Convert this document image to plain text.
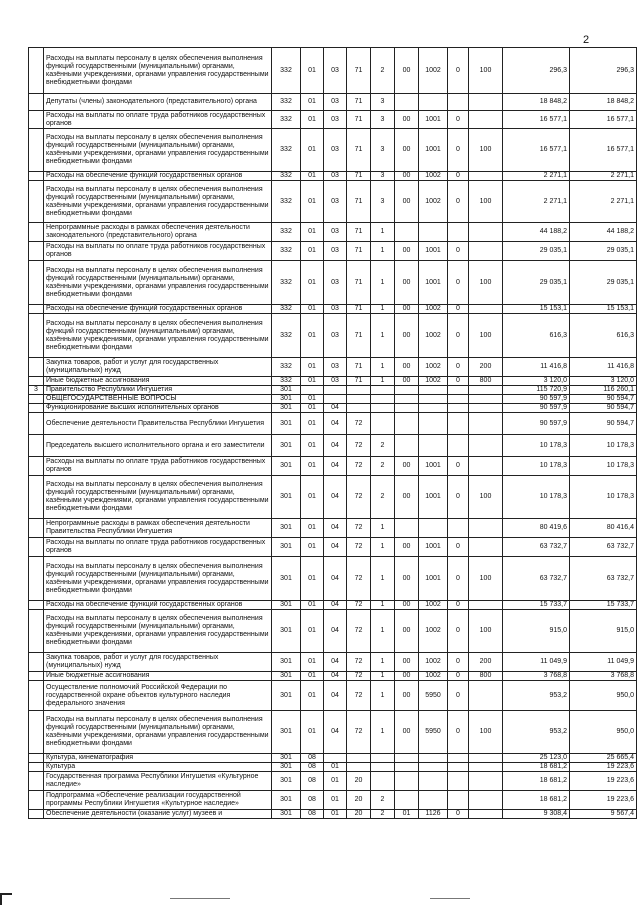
2
	Расходы на выплаты персоналу в целях обеспечения выполнения функций государственными (муниципальными) органами, казёнными учреждениями, органами управления государственными внебюджетными фондами	332	01	03	71	2	00	1002	0	100	296,3	296,3
	Депутаты (члены) законодательного (представительного) органа	332	01	03	71	3					18 848,2	18 848,2
	Расходы на выплаты по оплате труда работников государственных органов	332	01	03	71	3	00	1001	0		16 577,1	16 577,1
	Расходы на выплаты персоналу в целях обеспечения выполнения функций государственными (муниципальными) органами, казёнными учреждениями, органами управления государственными внебюджетными фондами	332	01	03	71	3	00	1001	0	100	16 577,1	16 577,1
	Расходы на обеспечение функций государственных органов	332	01	03	71	3	00	1002	0		2 271,1	2 271,1
	Расходы на выплаты персоналу в целях обеспечения выполнения функций государственными (муниципальными) органами, казёнными учреждениями, органами управления государственными внебюджетными фондами	332	01	03	71	3	00	1002	0	100	2 271,1	2 271,1
	Непрограммные расходы в рамках обеспечения деятельности законодательного (представительного) органа	332	01	03	71	1					44 188,2	44 188,2
	Расходы на выплаты по оплате труда работников государственных органов	332	01	03	71	1	00	1001	0		29 035,1	29 035,1
	Расходы на выплаты персоналу в целях обеспечения выполнения функций государственными (муниципальными) органами, казёнными учреждениями, органами управления государственными внебюджетными фондами	332	01	03	71	1	00	1001	0	100	29 035,1	29 035,1
	Расходы на обеспечение функций государственных органов	332	01	03	71	1	00	1002	0		15 153,1	15 153,1
	Расходы на выплаты персоналу в целях обеспечения выполнения функций государственными (муниципальными) органами, казёнными учреждениями, органами управления государственными внебюджетными фондами	332	01	03	71	1	00	1002	0	100	616,3	616,3
	Закупка товаров, работ и услуг для государственных (муниципальных) нужд	332	01	03	71	1	00	1002	0	200	11 416,8	11 416,8
	Иные бюджетные ассигнования	332	01	03	71	1	00	1002	0	800	3 120,0	3 120,0
3	Правительство Республики Ингушетия	301									115 720,9	116 260,1
	ОБЩЕГОСУДАРСТВЕННЫЕ ВОПРОСЫ	301	01								90 597,9	90 594,7
	Функционирование высших исполнительных органов	301	01	04							90 597,9	90 594,7
	Обеспечение деятельности Правительства Республики Ингушетия	301	01	04	72						90 597,9	90 594,7
	Председатель высшего исполнительного органа и его заместители	301	01	04	72	2					10 178,3	10 178,3
	Расходы на выплаты по оплате труда работников государственных органов	301	01	04	72	2	00	1001	0		10 178,3	10 178,3
	Расходы на выплаты персоналу в целях обеспечения выполнения функций государственными (муниципальными) органами, казёнными учреждениями, органами управления государственными внебюджетными фондами	301	01	04	72	2	00	1001	0	100	10 178,3	10 178,3
	Непрограммные расходы в рамках обеспечения деятельности Правительства Республики Ингушетия	301	01	04	72	1					80 419,6	80 416,4
	Расходы на выплаты по оплате труда работников государственных органов	301	01	04	72	1	00	1001	0		63 732,7	63 732,7
	Расходы на выплаты персоналу в целях обеспечения выполнения функций государственными (муниципальными) органами, казёнными учреждениями, органами управления государственными внебюджетными фондами	301	01	04	72	1	00	1001	0	100	63 732,7	63 732,7
	Расходы на обеспечение функций государственных органов	301	01	04	72	1	00	1002	0		15 733,7	15 733,7
	Расходы на выплаты персоналу в целях обеспечения выполнения функций государственными (муниципальными) органами, казёнными учреждениями, органами управления государственными внебюджетными фондами	301	01	04	72	1	00	1002	0	100	915,0	915,0
	Закупка товаров, работ и услуг для государственных (муниципальных) нужд	301	01	04	72	1	00	1002	0	200	11 049,9	11 049,9
	Иные бюджетные ассигнования	301	01	04	72	1	00	1002	0	800	3 768,8	3 768,8
	Осуществление полномочий Российской Федерации по государственной охране объектов культурного наследия федерального значения	301	01	04	72	1	00	5950	0		953,2	950,0
	Расходы на выплаты персоналу в целях обеспечения выполнения функций государственными (муниципальными) органами, казёнными учреждениями, органами управления государственными внебюджетными фондами	301	01	04	72	1	00	5950	0	100	953,2	950,0
	Культура, кинематография	301	08								25 123,0	25 665,4
	Культура	301	08	01							18 681,2	19 223,6
	Государственная программа Республики Ингушетия «Культурное наследие»	301	08	01	20						18 681,2	19 223,6
	Подпрограмма «Обеспечение реализации государственной программы Республики Ингушетия «Культурное наследие»	301	08	01	20	2					18 681,2	19 223,6
	Обеспечение деятельности (оказание услуг) музеев и	301	08	01	20	2	01	1126	0		9 308,4	9 567,4
